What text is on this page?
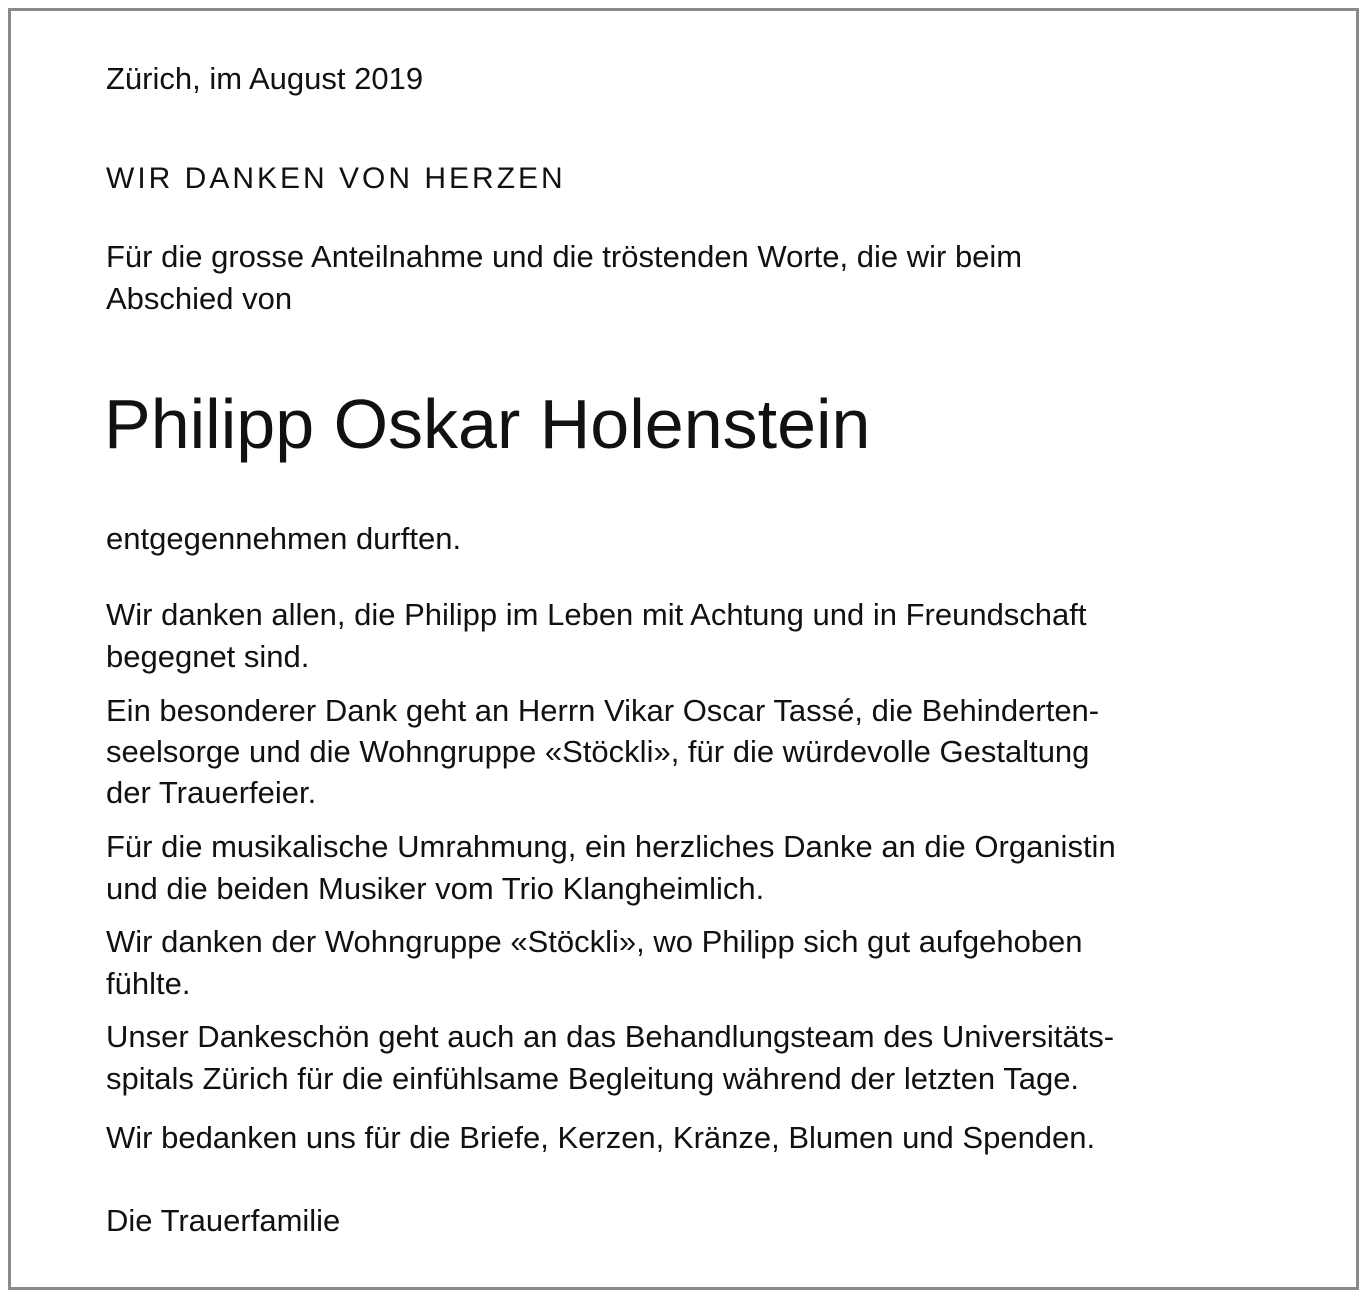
Zürich, im August 2019

WIR DANKEN VON HERZEN

Für die grosse Anteilnahme und die tröstenden Worte, die wir beim

Abschied von

Philipp Oskar Holenstein

entgegennehmen durften.

Wir danken allen, die Philipp im Leben mit Achtung und in Freundschaft

begegnet sind.

Ein besonderer Dank geht an Herrn Vikar Oscar Tassé, die Behinderten-

seelsorge und die Wohngruppe «Stöckli», für die würdevolle Gestaltung

der Trauerfeier.

Für die musikalische Umrahmung, ein herzliches Danke an die Organistin

und die beiden Musiker vom Trio Klangheimlich.

Wir danken der Wohngruppe «Stöckli», wo Philipp sich gut aufgehoben

fühlte.

Unser Dankeschön geht auch an das Behandlungsteam des Universitäts-

spitals Zürich für die einfühlsame Begleitung während der letzten Tage.

Wir bedanken uns für die Briefe, Kerzen, Kränze, Blumen und Spenden.

Die Trauerfamilie
